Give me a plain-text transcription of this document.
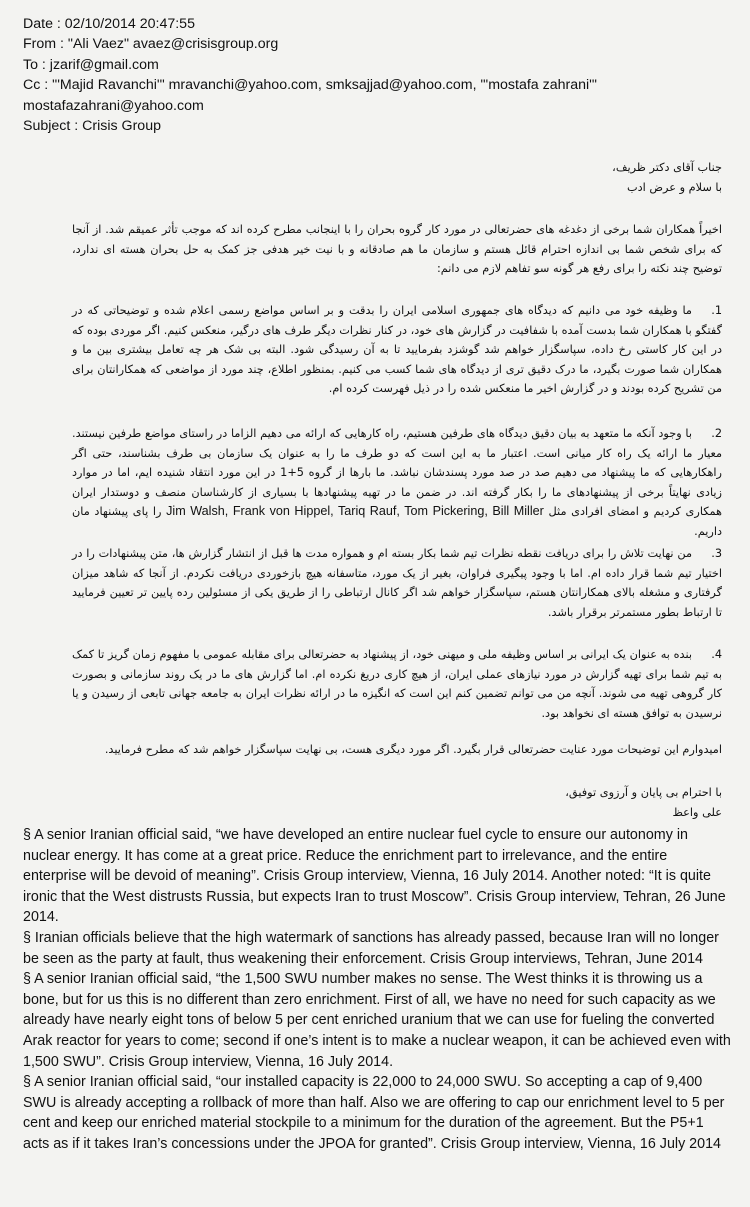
Date : 02/10/2014 20:47:55
From : "Ali Vaez" avaez@crisisgroup.org
To : jzarif@gmail.com
Cc : "'Majid Ravanchi'" mravanchi@yahoo.com, smksajjad@yahoo.com, "'mostafa zahrani'"
mostafazahrani@yahoo.com
Subject : Crisis Group
جناب آقای دکتر ظریف،
با سلام و عرض ادب
اخیراً همکاران شما برخی از دغدغه های حضرتعالی در مورد کار گروه بحران را با اینجانب مطرح کرده اند که موجب تأثر عمیقم شد. از آنجا که برای شخص شما بی اندازه احترام قائل هستم و سازمان ما هم صادقانه و با نیت خیر هدفی جز کمک به حل بحران هسته ای ندارد، توضیح چند نکته را برای رفع هر گونه سو تفاهم لازم می دانم:
1.ما وظیفه خود می دانیم که دیدگاه های جمهوری اسلامی ایران را بدقت و بر اساس مواضع رسمی اعلام شده و توضیحاتی که در گفتگو با همکاران شما بدست آمده با شفافیت در گزارش های خود، در کنار نظرات دیگر طرف های درگیر، منعکس کنیم. اگر موردی بوده که در این کار کاستی رخ داده، سپاسگزار خواهم شد گوشزد بفرمایید تا به آن رسیدگی شود. البته بی شک هر چه تعامل بیشتری بین ما و همکاران شما صورت بگیرد، ما درک دقیق تری از دیدگاه های شما کسب می کنیم. بمنظور اطلاع، چند مورد از مواضعی که همکارانتان برای من تشریح کرده بودند و در گزارش اخیر ما منعکس شده را در ذیل فهرست کرده ام.
2.با وجود آنکه ما متعهد به بیان دقیق دیدگاه های طرفین هستیم، راه کارهایی که ارائه می دهیم الزاما در راستای مواضع طرفین نیستند. معیار ما ارائه یک راه کار میانی است. اعتبار ما به این است که دو طرف ما را به عنوان یک سازمان بی طرف بشناسند، حتی اگر راهکارهایی که ما پیشنهاد می دهیم صد در صد مورد پسندشان نباشد. ما بارها از گروه 5+1 در این مورد انتقاد شنیده ایم، اما در موارد زیادی نهایتاً برخی از پیشنهادهای ما را بکار گرفته اند. در ضمن ما در تهیه پیشنهادها با بسیاری از کارشناسان منصف و دوستدار ایران همکاری کردیم و امضای افرادی مثل Jim Walsh, Frank von Hippel, Tariq Rauf, Tom Pickering, Bill Miller را پای پیشنهاد مان داریم.
3.من نهایت تلاش را برای دریافت نقطه نظرات تیم شما بکار بسته ام و همواره مدت ها قبل از انتشار گزارش ها، متن پیشنهادات را در اختیار تیم شما قرار داده ام. اما با وجود پیگیری فراوان، بغیر از یک مورد، متاسفانه هیچ بازخوردی دریافت نکردم. از آنجا که شاهد میزان گرفتاری و مشغله بالای همکارانتان هستم، سپاسگزار خواهم شد اگر کانال ارتباطی را از طریق یکی از مسئولین رده پایین تر تعیین فرمایید تا ارتباط بطور مستمرتر برقرار باشد.
4.بنده به عنوان یک ایرانی بر اساس وظیفه ملی و میهنی خود، از پیشنهاد به حضرتعالی برای مقابله عمومی با مفهوم زمان گریز تا کمک به تیم شما برای تهیه گزارش در مورد نیازهای عملی ایران، از هیچ کاری دریغ نکرده ام. اما گزارش های ما در یک روند سازمانی و بصورت کار گروهی تهیه می شوند. آنچه من می توانم تضمین کنم این است که انگیزه ما در ارائه نظرات ایران به جامعه جهانی تابعی از رسیدن و یا نرسیدن به توافق هسته ای نخواهد بود.
امیدوارم این توضیحات مورد عنایت حضرتعالی قرار بگیرد. اگر مورد دیگری هست، بی نهایت سپاسگزار خواهم شد که مطرح فرمایید.
با احترام بی پایان و آرزوی توفیق،
علی واعظ
§ A senior Iranian official said, “we have developed an entire nuclear fuel cycle to ensure our autonomy in nuclear energy. It has come at a great price. Reduce the enrichment part to irrelevance, and the entire enterprise will be devoid of meaning”. Crisis Group interview, Vienna, 16 July 2014. Another noted: “It is quite ironic that the West distrusts Russia, but expects Iran to trust Moscow”. Crisis Group interview, Tehran, 26 June 2014.
§ Iranian officials believe that the high watermark of sanctions has already passed, because Iran will no longer be seen as the party at fault, thus weakening their enforcement. Crisis Group interviews, Tehran, June 2014
§ A senior Iranian official said, “the 1,500 SWU number makes no sense. The West thinks it is throwing us a bone, but for us this is no different than zero enrichment. First of all, we have no need for such capacity as we already have nearly eight tons of below 5 per cent enriched uranium that we can use for fueling the converted Arak reactor for years to come; second if one’s intent is to make a nuclear weapon, it can be achieved even with 1,500 SWU”. Crisis Group interview, Vienna, 16 July 2014.
§ A senior Iranian official said, “our installed capacity is 22,000 to 24,000 SWU. So accepting a cap of 9,400 SWU is already accepting a rollback of more than half. Also we are offering to cap our enrichment level to 5 per cent and keep our enriched material stockpile to a minimum for the duration of the agreement. But the P5+1 acts as if it takes Iran’s concessions under the JPOA for granted”. Crisis Group interview, Vienna, 16 July 2014
